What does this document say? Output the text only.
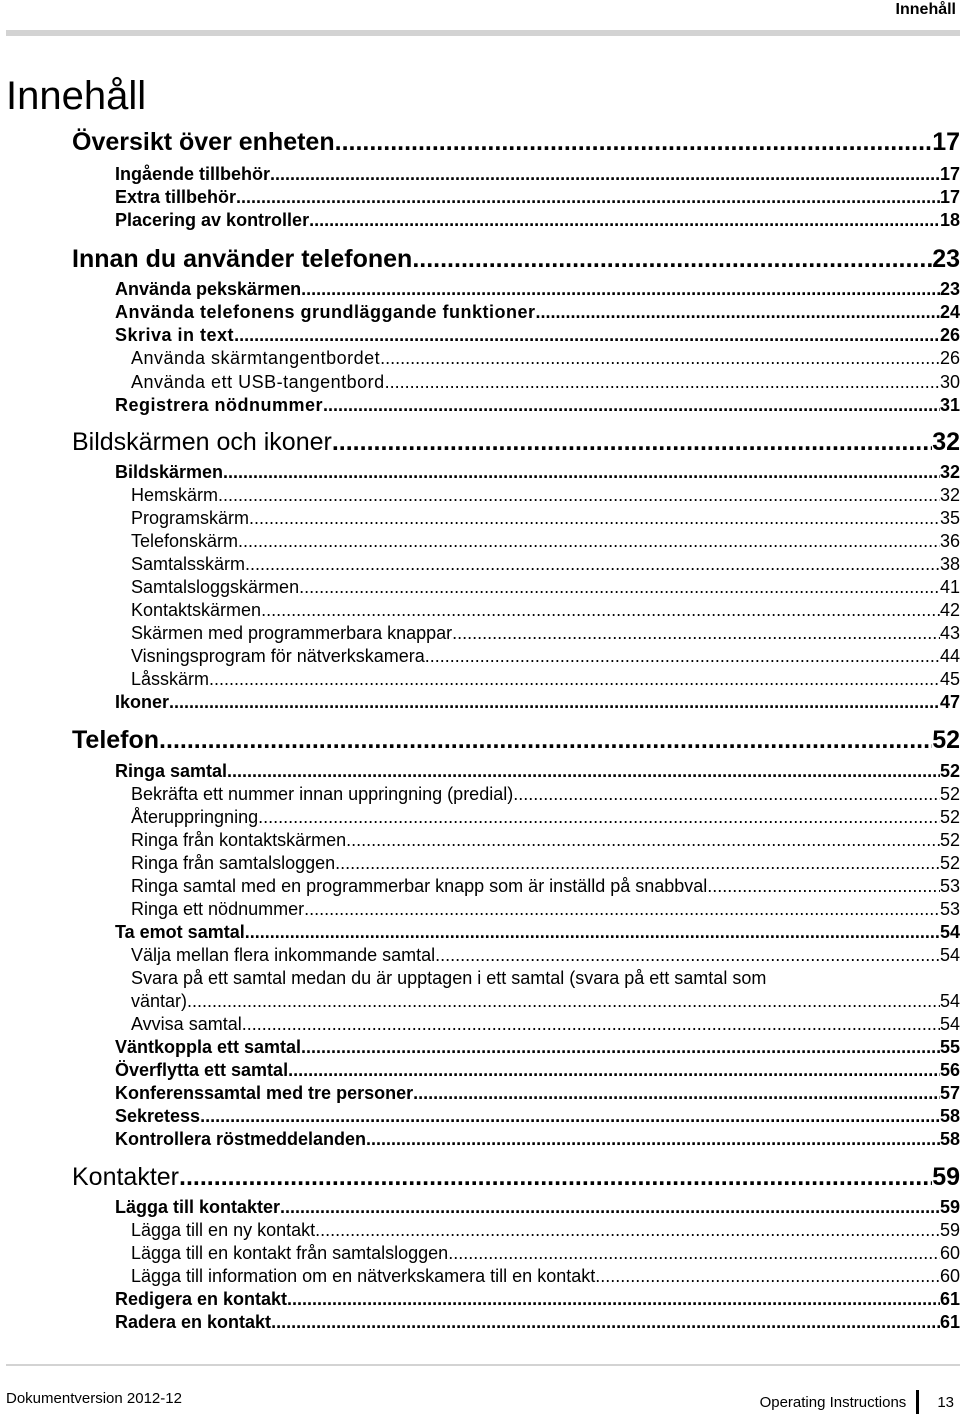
Innehåll
Innehåll
Översikt över enheten .....	17
Ingående tillbehör .....	17
Extra tillbehör .....	17
Placering av kontroller .....	18
Innan du använder telefonen .....	23
Använda pekskärmen .....	23
Använda telefonens grundläggande funktioner .....	24
Skriva in text .....	26
Använda skärmtangentbordet .....	26
Använda ett USB-tangentbord .....	30
Registrera nödnummer .....	31
Bildskärmen och ikoner .....	32
Bildskärmen .....	32
Hemskärm .....	32
Programskärm .....	35
Telefonskärm .....	36
Samtalsskärm .....	38
Samtalsloggskärmen .....	41
Kontaktskärmen .....	42
Skärmen med programmerbara knappar .....	43
Visningsprogram för nätverkskamera .....	44
Låsskärm .....	45
Ikoner .....	47
Telefon .....	52
Ringa samtal .....	52
Bekräfta ett nummer innan uppringning (predial) .....	52
Återuppringning .....	52
Ringa från kontaktskärmen .....	52
Ringa från samtalsloggen .....	52
Ringa samtal med en programmerbar knapp som är inställd på snabbval .....	53
Ringa ett nödnummer .....	53
Ta emot samtal .....	54
Välja mellan flera inkommande samtal .....	54
Svara på ett samtal medan du är upptagen i ett samtal (svara på ett samtal som
väntar) .....	54
Avvisa samtal .....	54
Väntkoppla ett samtal .....	55
Överflytta ett samtal .....	56
Konferenssamtal med tre personer .....	57
Sekretess .....	58
Kontrollera röstmeddelanden .....	58
Kontakter .....	59
Lägga till kontakter .....	59
Lägga till en ny kontakt .....	59
Lägga till en kontakt från samtalsloggen .....	60
Lägga till information om en nätverkskamera till en kontakt .....	60
Redigera en kontakt .....	61
Radera en kontakt .....	61
Dokumentversion 2012-12	Operating Instructions 13
